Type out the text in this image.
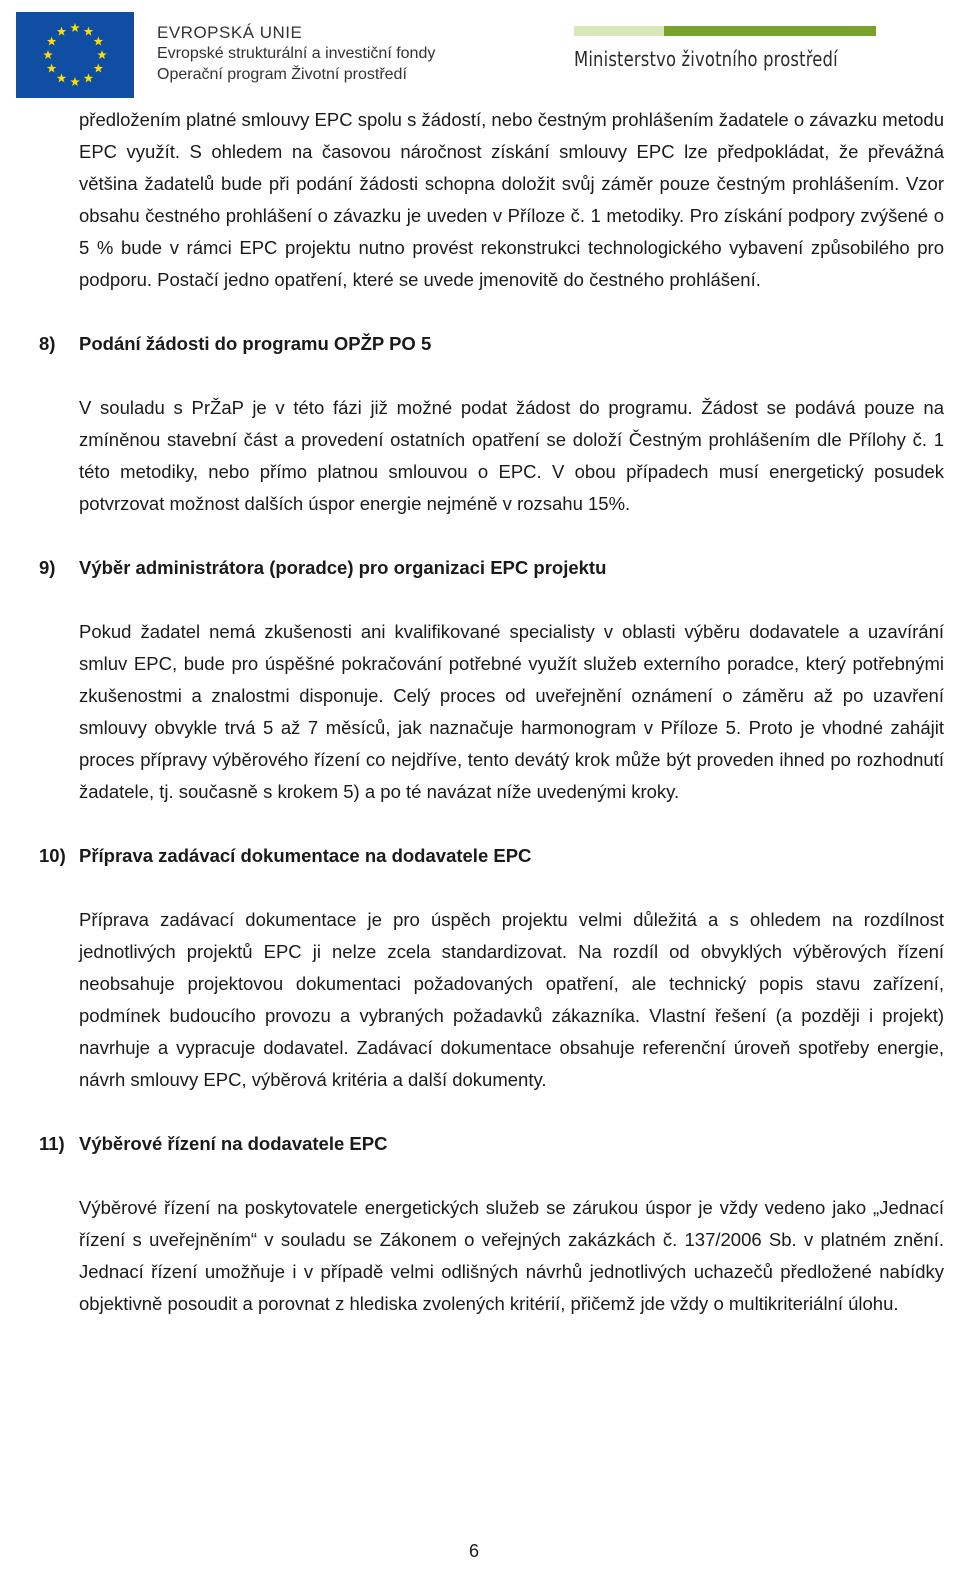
EVROPSKÁ UNIE
Evropské strukturální a investiční fondy
Operační program Životní prostředí
Ministerstvo životního prostředí

předložením platné smlouvy EPC spolu s žádostí, nebo čestným prohlášením žadatele o závazku metodu EPC využít. S ohledem na časovou náročnost získání smlouvy EPC lze předpokládat, že převážná většina žadatelů bude při podání žádosti schopna doložit svůj záměr pouze čestným prohlášením. Vzor obsahu čestného prohlášení o závazku je uveden v Příloze č. 1 metodiky. Pro získání podpory zvýšené o 5 % bude v rámci EPC projektu nutno provést rekonstrukci technologického vybavení způsobilého pro podporu. Postačí jedno opatření, které se uvede jmenovitě do čestného prohlášení.

8) Podání žádosti do programu OPŽP PO 5

V souladu s PrŽaP je v této fázi již možné podat žádost do programu. Žádost se podává pouze na zmíněnou stavební část a provedení ostatních opatření se doloží Čestným prohlášením dle Přílohy č. 1 této metodiky, nebo přímo platnou smlouvou o EPC. V obou případech musí energetický posudek potvrzovat možnost dalších úspor energie nejméně v rozsahu 15%.

9) Výběr administrátora (poradce) pro organizaci EPC projektu

Pokud žadatel nemá zkušenosti ani kvalifikované specialisty v oblasti výběru dodavatele a uzavírání smluv EPC, bude pro úspěšné pokračování potřebné využít služeb externího poradce, který potřebnými zkušenostmi a znalostmi disponuje. Celý proces od uveřejnění oznámení o záměru až po uzavření smlouvy obvykle trvá 5 až 7 měsíců, jak naznačuje harmonogram v Příloze 5. Proto je vhodné zahájit proces přípravy výběrového řízení co nejdříve, tento devátý krok může být proveden ihned po rozhodnutí žadatele, tj. současně s krokem 5) a po té navázat níže uvedenými kroky.

10) Příprava zadávací dokumentace na dodavatele EPC

Příprava zadávací dokumentace je pro úspěch projektu velmi důležitá a s ohledem na rozdílnost jednotlivých projektů EPC ji nelze zcela standardizovat. Na rozdíl od obvyklých výběrových řízení neobsahuje projektovou dokumentaci požadovaných opatření, ale technický popis stavu zařízení, podmínek budoucího provozu a vybraných požadavků zákazníka. Vlastní řešení (a později i projekt) navrhuje a vypracuje dodavatel. Zadávací dokumentace obsahuje referenční úroveň spotřeby energie, návrh smlouvy EPC, výběrová kritéria a další dokumenty.

11) Výběrové řízení na dodavatele EPC

Výběrové řízení na poskytovatele energetických služeb se zárukou úspor je vždy vedeno jako „Jednací řízení s uveřejněním“ v souladu se Zákonem o veřejných zakázkách č. 137/2006 Sb. v platném znění. Jednací řízení umožňuje i v případě velmi odlišných návrhů jednotlivých uchazečů předložené nabídky objektivně posoudit a porovnat z hlediska zvolených kritérií, přičemž jde vždy o multikriteriální úlohu.

6
